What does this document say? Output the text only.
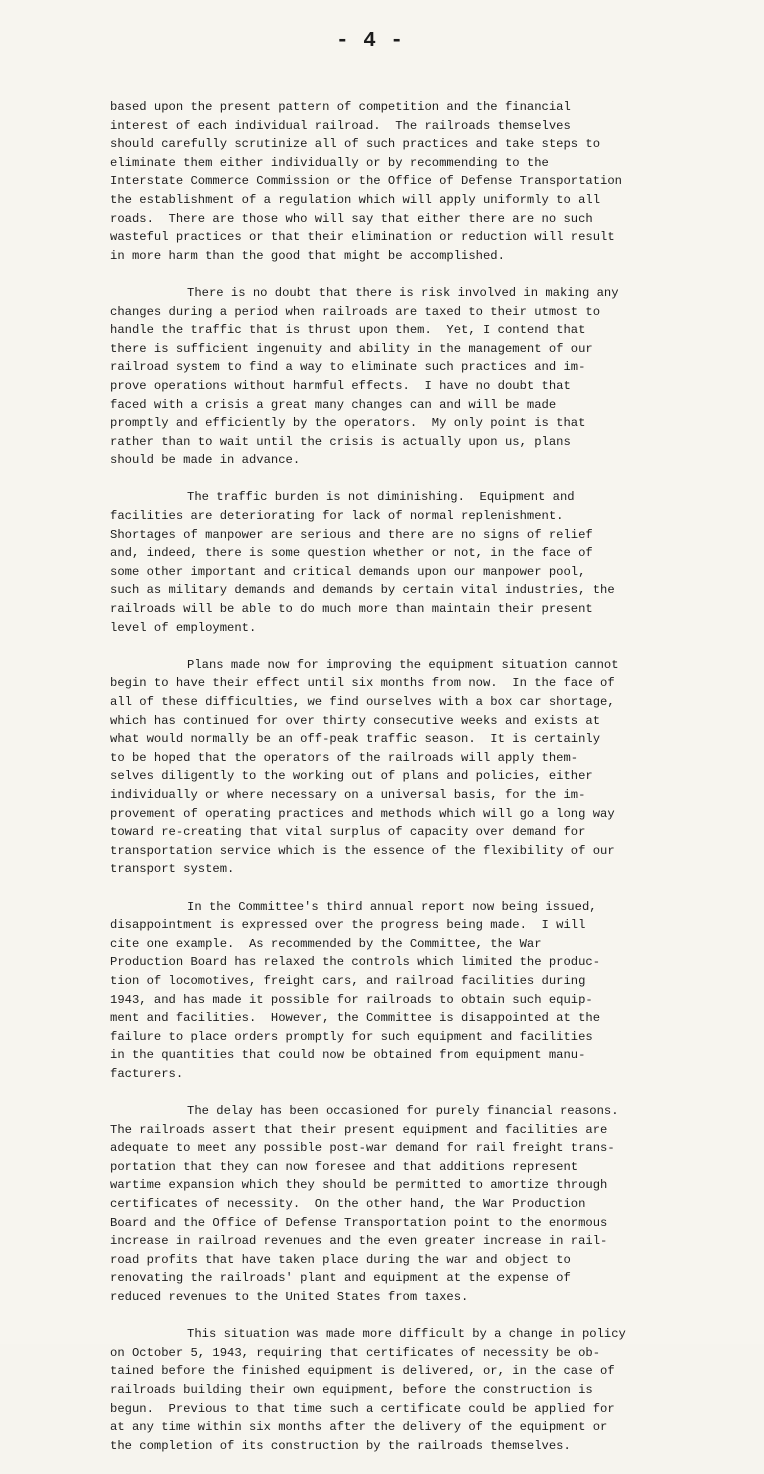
- 4 -
based upon the present pattern of competition and the financial
interest of each individual railroad.  The railroads themselves
should carefully scrutinize all of such practices and take steps to
eliminate them either individually or by recommending to the
Interstate Commerce Commission or the Office of Defense Transportation
the establishment of a regulation which will apply uniformly to all
roads.  There are those who will say that either there are no such
wasteful practices or that their elimination or reduction will result
in more harm than the good that might be accomplished.
There is no doubt that there is risk involved in making any
changes during a period when railroads are taxed to their utmost to
handle the traffic that is thrust upon them.  Yet, I contend that
there is sufficient ingenuity and ability in the management of our
railroad system to find a way to eliminate such practices and im-
prove operations without harmful effects.  I have no doubt that
faced with a crisis a great many changes can and will be made
promptly and efficiently by the operators.  My only point is that
rather than to wait until the crisis is actually upon us, plans
should be made in advance.
The traffic burden is not diminishing.  Equipment and
facilities are deteriorating for lack of normal replenishment.
Shortages of manpower are serious and there are no signs of relief
and, indeed, there is some question whether or not, in the face of
some other important and critical demands upon our manpower pool,
such as military demands and demands by certain vital industries, the
railroads will be able to do much more than maintain their present
level of employment.
Plans made now for improving the equipment situation cannot
begin to have their effect until six months from now.  In the face of
all of these difficulties, we find ourselves with a box car shortage,
which has continued for over thirty consecutive weeks and exists at
what would normally be an off-peak traffic season.  It is certainly
to be hoped that the operators of the railroads will apply them-
selves diligently to the working out of plans and policies, either
individually or where necessary on a universal basis, for the im-
provement of operating practices and methods which will go a long way
toward re-creating that vital surplus of capacity over demand for
transportation service which is the essence of the flexibility of our
transport system.
In the Committee's third annual report now being issued,
disappointment is expressed over the progress being made.  I will
cite one example.  As recommended by the Committee, the War
Production Board has relaxed the controls which limited the produc-
tion of locomotives, freight cars, and railroad facilities during
1943, and has made it possible for railroads to obtain such equip-
ment and facilities.  However, the Committee is disappointed at the
failure to place orders promptly for such equipment and facilities
in the quantities that could now be obtained from equipment manu-
facturers.
The delay has been occasioned for purely financial reasons.
The railroads assert that their present equipment and facilities are
adequate to meet any possible post-war demand for rail freight trans-
portation that they can now foresee and that additions represent
wartime expansion which they should be permitted to amortize through
certificates of necessity.  On the other hand, the War Production
Board and the Office of Defense Transportation point to the enormous
increase in railroad revenues and the even greater increase in rail-
road profits that have taken place during the war and object to
renovating the railroads' plant and equipment at the expense of
reduced revenues to the United States from taxes.
This situation was made more difficult by a change in policy
on October 5, 1943, requiring that certificates of necessity be ob-
tained before the finished equipment is delivered, or, in the case of
railroads building their own equipment, before the construction is
begun.  Previous to that time such a certificate could be applied for
at any time within six months after the delivery of the equipment or
the completion of its construction by the railroads themselves.
